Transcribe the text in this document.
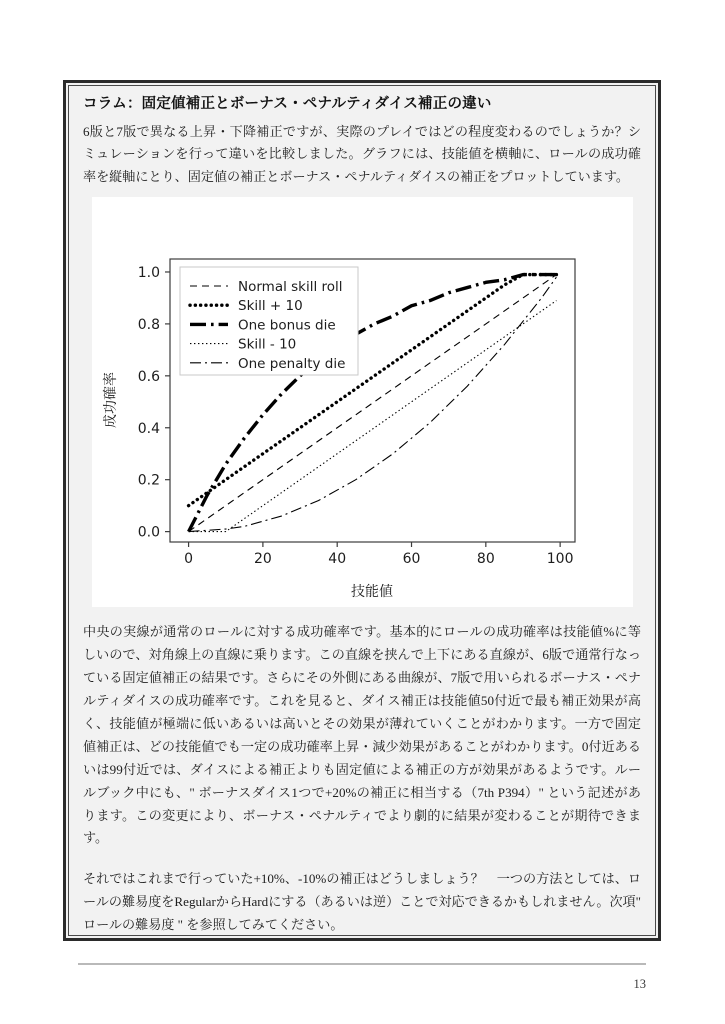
コラム：固定値補正とボーナス・ペナルティダイス補正の違い

6版と7版で異なる上昇・下降補正ですが、実際のプレイではどの程度変わるのでしょうか？シミュレーションを行って違いを比較しました。グラフには、技能値を横軸に、ロールの成功確率を縦軸にとり、固定値の補正とボーナス・ペナルティダイスの補正をプロットしています。

0	20	40	60	80	100
0.0
0.2
0.4
0.6
0.8
1.0
技能値
成功確率
Normal skill roll
Skill + 10
One bonus die
Skill - 10
One penalty die

中央の実線が通常のロールに対する成功確率です。基本的にロールの成功確率は技能値%に等しいので、対角線上の直線に乗ります。この直線を挟んで上下にある直線が、6版で通常行なっている固定値補正の結果です。さらにその外側にある曲線が、7版で用いられるボーナス・ペナルティダイスの成功確率です。これを見ると、ダイス補正は技能値50付近で最も補正効果が高く、技能値が極端に低いあるいは高いとその効果が薄れていくことがわかります。一方で固定値補正は、どの技能値でも一定の成功確率上昇・減少効果があることがわかります。0付近あるいは99付近では、ダイスによる補正よりも固定値による補正の方が効果があるようです。ルールブック中にも、" ボーナスダイス1つで+20%の補正に相当する（7th P394）" という記述があります。この変更により、ボーナス・ペナルティでより劇的に結果が変わることが期待できます。

それではこれまで行っていた+10%、-10%の補正はどうしましょう？　一つの方法としては、ロールの難易度をRegularからHardにする（あるいは逆）ことで対応できるかもしれません。次項" ロールの難易度 " を参照してみてください。

13
